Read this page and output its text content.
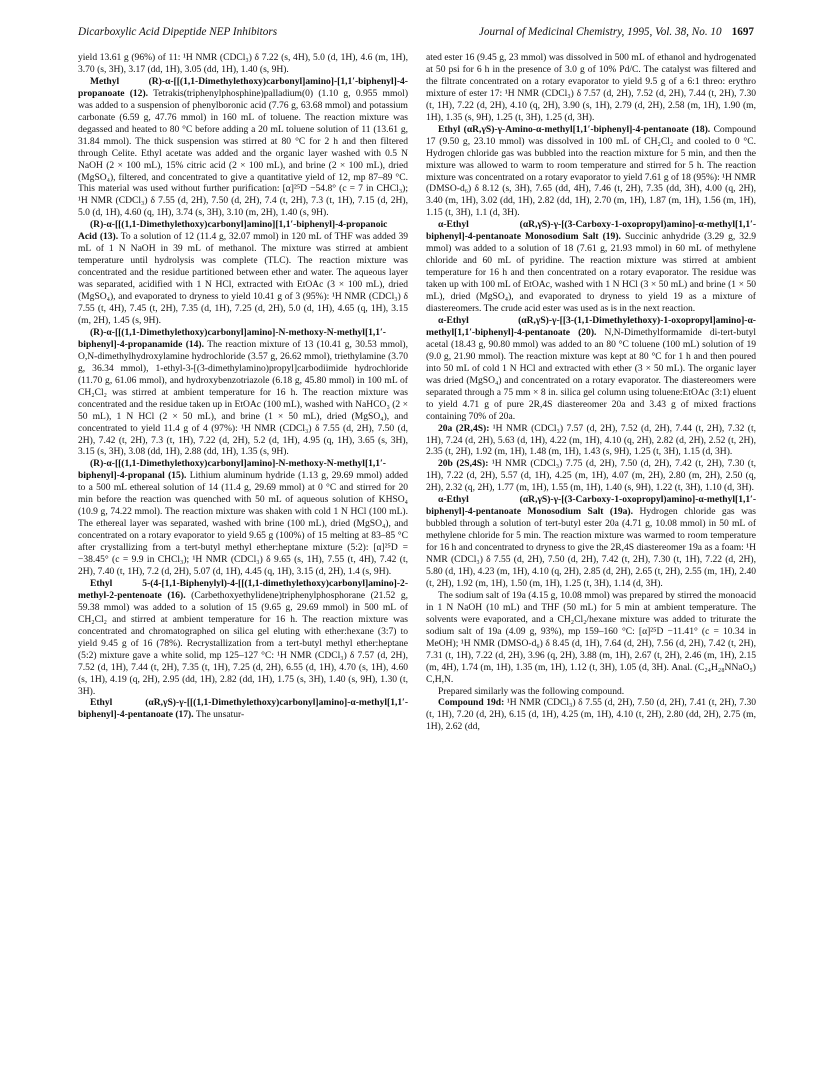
Dicarboxylic Acid Dipeptide NEP Inhibitors	Journal of Medicinal Chemistry, 1995, Vol. 38, No. 10 1697

yield 13.61 g (96%) of 11: ¹H NMR (CDCl₃) δ 7.22 (s, 4H), 5.0 (d, 1H), 4.6 (m, 1H), 3.70 (s, 3H), 3.17 (dd, 1H), 3.05 (dd, 1H), 1.40 (s, 9H).

Methyl (R)-α-[[(1,1-Dimethylethoxy)carbonyl]amino]-[1,1′-biphenyl]-4-propanoate (12). Tetrakis(triphenylphosphine)palladium(0) (1.10 g, 0.955 mmol) was added to a suspension of phenylboronic acid (7.76 g, 63.68 mmol) and potassium carbonate (6.59 g, 47.76 mmol) in 160 mL of toluene. The reaction mixture was degassed and heated to 80 °C before adding a 20 mL toluene solution of 11 (13.61 g, 31.84 mmol). The thick suspension was stirred at 80 °C for 2 h and then filtered through Celite. Ethyl acetate was added and the organic layer washed with 0.5 N NaOH (2 × 100 mL), 15% citric acid (2 × 100 mL), and brine (2 × 100 mL), dried (MgSO₄), filtered, and concentrated to give a quantitative yield of 12, mp 87–89 °C. This material was used without further purification: [α]²⁵D −54.8° (c = 7 in CHCl₃); ¹H NMR (CDCl₃) δ 7.55 (d, 2H), 7.50 (d, 2H), 7.4 (t, 2H), 7.3 (t, 1H), 7.15 (d, 2H), 5.0 (d, 1H), 4.60 (q, 1H), 3.74 (s, 3H), 3.10 (m, 2H), 1.40 (s, 9H).

(R)-α-[[(1,1-Dimethylethoxy)carbonyl]amino][1,1′-biphenyl]-4-propanoic Acid (13). To a solution of 12 (11.4 g, 32.07 mmol) in 120 mL of THF was added 39 mL of 1 N NaOH in 39 mL of methanol. The mixture was stirred at ambient temperature until hydrolysis was complete (TLC). The reaction mixture was concentrated and the residue partitioned between ether and water. The aqueous layer was separated, acidified with 1 N HCl, extracted with EtOAc (3 × 100 mL), dried (MgSO₄), and evaporated to dryness to yield 10.41 g of 3 (95%): ¹H NMR (CDCl₃) δ 7.55 (t, 4H), 7.45 (t, 2H), 7.35 (d, 1H), 7.25 (d, 2H), 5.0 (d, 1H), 4.65 (q, 1H), 3.15 (m, 2H), 1.45 (s, 9H).

(R)-α-[[(1,1-Dimethylethoxy)carbonyl]amino]-N-methoxy-N-methyl[1,1′-biphenyl]-4-propanamide (14). The reaction mixture of 13 (10.41 g, 30.53 mmol), O,N-dimethylhydroxylamine hydrochloride (3.57 g, 26.62 mmol), triethylamine (3.70 g, 36.34 mmol), 1-ethyl-3-[(3-dimethylamino)propyl]carbodiimide hydrochloride (11.70 g, 61.06 mmol), and hydroxybenzotriazole (6.18 g, 45.80 mmol) in 100 mL of CH₂Cl₂ was stirred at ambient temperature for 16 h. The reaction mixture was concentrated and the residue taken up in EtOAc (100 mL), washed with NaHCO₃ (2 × 50 mL), 1 N HCl (2 × 50 mL), and brine (1 × 50 mL), dried (MgSO₄), and concentrated to yield 11.4 g of 4 (97%): ¹H NMR (CDCl₃) δ 7.55 (d, 2H), 7.50 (d, 2H), 7.42 (t, 2H), 7.3 (t, 1H), 7.22 (d, 2H), 5.2 (d, 1H), 4.95 (q, 1H), 3.65 (s, 3H), 3.15 (s, 3H), 3.08 (dd, 1H), 2.88 (dd, 1H), 1.35 (s, 9H).

(R)-α-[[(1,1-Dimethylethoxy)carbonyl]amino]-N-methoxy-N-methyl[1,1′-biphenyl]-4-propanal (15). Lithium aluminum hydride (1.13 g, 29.69 mmol) added to a 500 mL ethereal solution of 14 (11.4 g, 29.69 mmol) at 0 °C and stirred for 20 min before the reaction was quenched with 50 mL of aqueous solution of KHSO₄ (10.9 g, 74.22 mmol). The reaction mixture was shaken with cold 1 N HCl (100 mL). The ethereal layer was separated, washed with brine (100 mL), dried (MgSO₄), and concentrated on a rotary evaporator to yield 9.65 g (100%) of 15 melting at 83–85 °C after crystallizing from a tert-butyl methyl ether:heptane mixture (5:2): [α]²⁵D = −38.45° (c = 9.9 in CHCl₃); ¹H NMR (CDCl₃) δ 9.65 (s, 1H), 7.55 (t, 4H), 7.42 (t, 2H), 7.40 (t, 1H), 7.2 (d, 2H), 5.07 (d, 1H), 4.45 (q, 1H), 3.15 (d, 2H), 1.4 (s, 9H).

Ethyl 5-(4-[1,1-Biphenylyl)-4-[[(1,1-dimethylethoxy)carbonyl]amino]-2-methyl-2-pentenoate (16). (Carbethoxyethylidene)triphenylphosphorane (21.52 g, 59.38 mmol) was added to a solution of 15 (9.65 g, 29.69 mmol) in 500 mL of CH₂Cl₂ and stirred at ambient temperature for 16 h. The reaction mixture was concentrated and chromatographed on silica gel eluting with ether:hexane (3:7) to yield 9.45 g of 16 (78%). Recrystallization from a tert-butyl methyl ether:heptane (5:2) mixture gave a white solid, mp 125–127 °C: ¹H NMR (CDCl₃) δ 7.57 (d, 2H), 7.52 (d, 1H), 7.44 (t, 2H), 7.35 (t, 1H), 7.25 (d, 2H), 6.55 (d, 1H), 4.70 (s, 1H), 4.60 (s, 1H), 4.19 (q, 2H), 2.95 (dd, 1H), 2.82 (dd, 1H), 1.75 (s, 3H), 1.40 (s, 9H), 1.30 (t, 3H).

Ethyl (αR,γS)-γ-[[(1,1-Dimethylethoxy)carbonyl]amino]-α-methyl[1,1′-biphenyl]-4-pentanoate (17). The unsatur-

ated ester 16 (9.45 g, 23 mmol) was dissolved in 500 mL of ethanol and hydrogenated at 50 psi for 6 h in the presence of 3.0 g of 10% Pd/C. The catalyst was filtered and the filtrate concentrated on a rotary evaporator to yield 9.5 g of a 6:1 threo: erythro mixture of ester 17: ¹H NMR (CDCl₃) δ 7.57 (d, 2H), 7.52 (d, 2H), 7.44 (t, 2H), 7.30 (t, 1H), 7.22 (d, 2H), 4.10 (q, 2H), 3.90 (s, 1H), 2.79 (d, 2H), 2.58 (m, 1H), 1.90 (m, 1H), 1.35 (s, 9H), 1.25 (t, 3H), 1.25 (d, 3H).

Ethyl (αR,γS)-γ-Amino-α-methyl[1,1′-biphenyl]-4-pentanoate (18). Compound 17 (9.50 g, 23.10 mmol) was dissolved in 100 mL of CH₂Cl₂ and cooled to 0 °C. Hydrogen chloride gas was bubbled into the reaction mixture for 5 min, and then the mixture was allowed to warm to room temperature and stirred for 5 h. The reaction mixture was concentrated on a rotary evaporator to yield 7.61 g of 18 (95%): ¹H NMR (DMSO-d₆) δ 8.12 (s, 3H), 7.65 (dd, 4H), 7.46 (t, 2H), 7.35 (dd, 3H), 4.00 (q, 2H), 3.40 (m, 1H), 3.02 (dd, 1H), 2.82 (dd, 1H), 2.70 (m, 1H), 1.87 (m, 1H), 1.56 (m, 1H), 1.15 (t, 3H), 1.1 (d, 3H).

α-Ethyl (αR,γS)-γ-[(3-Carboxy-1-oxopropyl)amino]-α-methyl[1,1′-biphenyl]-4-pentanoate Monosodium Salt (19). Succinic anhydride (3.29 g, 32.9 mmol) was added to a solution of 18 (7.61 g, 21.93 mmol) in 60 mL of methylene chloride and 60 mL of pyridine. The reaction mixture was stirred at ambient temperature for 16 h and then concentrated on a rotary evaporator. The residue was taken up with 100 mL of EtOAc, washed with 1 N HCl (3 × 50 mL) and brine (1 × 50 mL), dried (MgSO₄), and evaporated to dryness to yield 19 as a mixture of diastereomers. The crude acid ester was used as is in the next reaction.

α-Ethyl (αR,γS)-γ-[[3-(1,1-Dimethylethoxy)-1-oxopropyl]amino]-α-methyl[1,1′-biphenyl]-4-pentanoate (20). N,N-Dimethylformamide di-tert-butyl acetal (18.43 g, 90.80 mmol) was added to an 80 °C toluene (100 mL) solution of 19 (9.0 g, 21.90 mmol). The reaction mixture was kept at 80 °C for 1 h and then poured into 50 mL of cold 1 N HCl and extracted with ether (3 × 50 mL). The organic layer was dried (MgSO₄) and concentrated on a rotary evaporator. The diastereomers were separated through a 75 mm × 8 in. silica gel column using toluene:EtOAc (3:1) eluent to yield 4.71 g of pure 2R,4S diastereomer 20a and 3.43 g of mixed fractions containing 70% of 20a.

20a (2R,4S): ¹H NMR (CDCl₃) 7.57 (d, 2H), 7.52 (d, 2H), 7.44 (t, 2H), 7.32 (t, 1H), 7.24 (d, 2H), 5.63 (d, 1H), 4.22 (m, 1H), 4.10 (q, 2H), 2.82 (d, 2H), 2.52 (t, 2H), 2.35 (t, 2H), 1.92 (m, 1H), 1.48 (m, 1H), 1.43 (s, 9H), 1.25 (t, 3H), 1.15 (d, 3H).

20b (2S,4S): ¹H NMR (CDCl₃) 7.75 (d, 2H), 7.50 (d, 2H), 7.42 (t, 2H), 7.30 (t, 1H), 7.22 (d, 2H), 5.57 (d, 1H), 4.25 (m, 1H), 4.07 (m, 2H), 2.80 (m, 2H), 2.50 (q, 2H), 2.32 (q, 2H), 1.77 (m, 1H), 1.55 (m, 1H), 1.40 (s, 9H), 1.22 (t, 3H), 1.10 (d, 3H).

α-Ethyl (αR,γS)-γ-[(3-Carboxy-1-oxopropyl)amino]-α-methyl[1,1′-biphenyl]-4-pentanoate Monosodium Salt (19a). Hydrogen chloride gas was bubbled through a solution of tert-butyl ester 20a (4.71 g, 10.08 mmol) in 50 mL of methylene chloride for 5 min. The reaction mixture was warmed to room temperature for 16 h and concentrated to dryness to give the 2R,4S diastereomer 19a as a foam: ¹H NMR (CDCl₃) δ 7.55 (d, 2H), 7.50 (d, 2H), 7.42 (t, 2H), 7.30 (t, 1H), 7.22 (d, 2H), 5.80 (d, 1H), 4.23 (m, 1H), 4.10 (q, 2H), 2.85 (d, 2H), 2.65 (t, 2H), 2.55 (m, 1H), 2.40 (t, 2H), 1.92 (m, 1H), 1.50 (m, 1H), 1.25 (t, 3H), 1.14 (d, 3H).

The sodium salt of 19a (4.15 g, 10.08 mmol) was prepared by stirred the monoacid in 1 N NaOH (10 mL) and THF (50 mL) for 5 min at ambient temperature. The solvents were evaporated, and a CH₂Cl₂/hexane mixture was added to triturate the sodium salt of 19a (4.09 g, 93%), mp 159–160 °C: [α]²⁵D −11.41° (c = 10.34 in MeOH); ¹H NMR (DMSO-d₆) δ 8.45 (d, 1H), 7.64 (d, 2H), 7.56 (d, 2H), 7.42 (t, 2H), 7.31 (t, 1H), 7.22 (d, 2H), 3.96 (q, 2H), 3.88 (m, 1H), 2.67 (t, 2H), 2.46 (m, 1H), 2.15 (m, 4H), 1.74 (m, 1H), 1.35 (m, 1H), 1.12 (t, 3H), 1.05 (d, 3H). Anal. (C₂₄H₂₈NNaO₅) C,H,N.

Prepared similarly was the following compound.

Compound 19d: ¹H NMR (CDCl₃) δ 7.55 (d, 2H), 7.50 (d, 2H), 7.41 (t, 2H), 7.30 (t, 1H), 7.20 (d, 2H), 6.15 (d, 1H), 4.25 (m, 1H), 4.10 (t, 2H), 2.80 (dd, 2H), 2.75 (m, 1H), 2.62 (dd,
